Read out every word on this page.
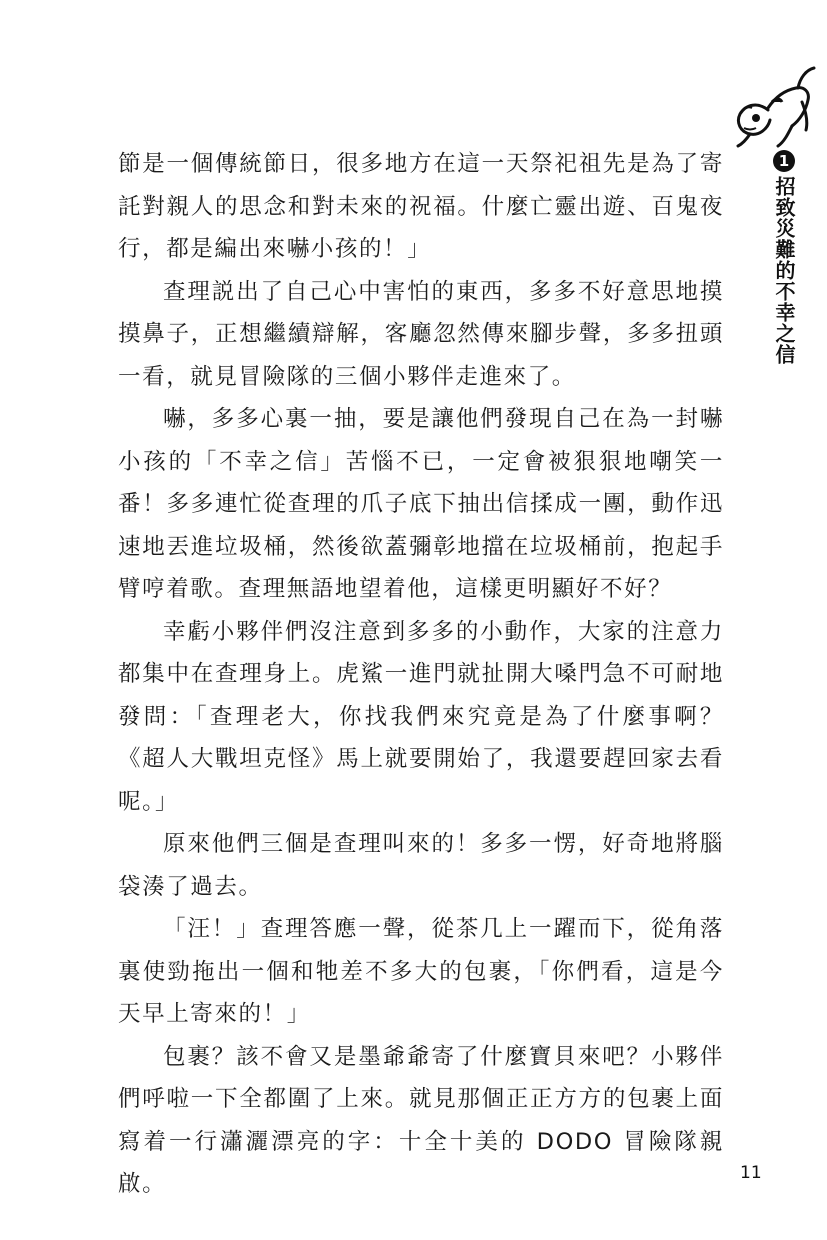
1
招致災難的不幸之信

節是一個傳統節日，很多地方在這一天祭祀祖先是為了寄託對親人的思念和對未來的祝福。什麼亡靈出遊、百鬼夜行，都是編出來嚇小孩的！」

查理説出了自己心中害怕的東西，多多不好意思地摸摸鼻子，正想繼續辯解，客廳忽然傳來腳步聲，多多扭頭一看，就見冒險隊的三個小夥伴走進來了。

嚇，多多心裏一抽，要是讓他們發現自己在為一封嚇小孩的「不幸之信」苦惱不已，一定會被狠狠地嘲笑一番！多多連忙從查理的爪子底下抽出信揉成一團，動作迅速地丟進垃圾桶，然後欲蓋彌彰地擋在垃圾桶前，抱起手臂哼着歌。查理無語地望着他，這樣更明顯好不好？

幸虧小夥伴們沒注意到多多的小動作，大家的注意力都集中在查理身上。虎鯊一進門就扯開大嗓門急不可耐地發問：「查理老大，你找我們來究竟是為了什麼事啊？《超人大戰坦克怪》馬上就要開始了，我還要趕回家去看呢。」

原來他們三個是查理叫來的！多多一愣，好奇地將腦袋湊了過去。

「汪！」查理答應一聲，從茶几上一躍而下，從角落裏使勁拖出一個和牠差不多大的包裹，「你們看，這是今天早上寄來的！」

包裹？該不會又是墨爺爺寄了什麼寶貝來吧？小夥伴們呼啦一下全都圍了上來。就見那個正正方方的包裹上面寫着一行瀟灑漂亮的字：十全十美的 DODO 冒險隊親啟。	11
